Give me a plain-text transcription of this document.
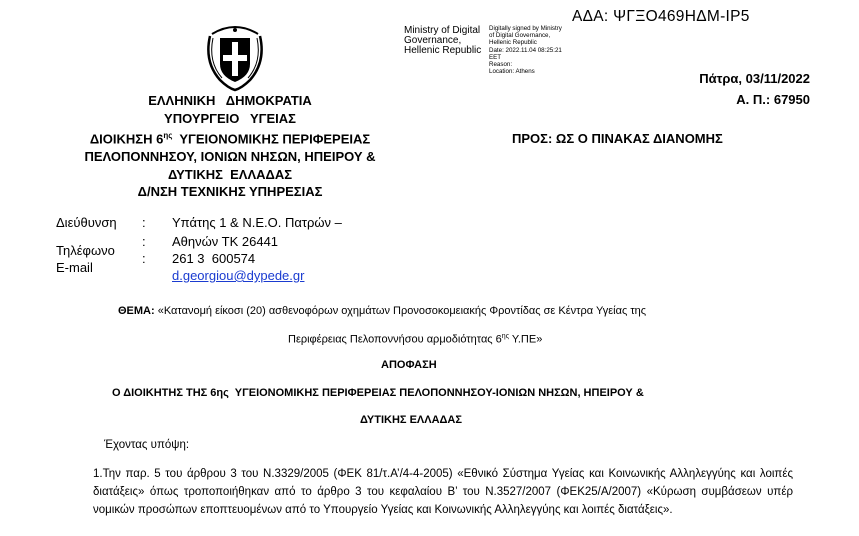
Ministry of Digital
Governance,
Hellenic Republic
Digitally signed by Ministry
of Digital Governance,
Hellenic Republic
Date: 2022.11.04 08:25:21
EET
Reason:
Location: Athens
ΑΔΑ: ΨΓΞΟ469ΗΔΜ-ΙΡ5
Πάτρα, 03/11/2022
Α. Π.: 67950
ΕΛΛΗΝΙΚΗ   ΔΗΜΟΚΡΑΤΙΑ
ΥΠΟΥΡΓΕΙΟ   ΥΓΕΙΑΣ
ΔΙΟΙΚΗΣΗ $6^{\eta\varsigma}$  ΥΓΕΙΟΝΟΜΙΚΗΣ ΠΕΡΙΦΕΡΕΙΑΣ
ΠΕΛΟΠΟΝΝΗΣΟΥ, ΙΟΝΙΩΝ ΝΗΣΩΝ, ΗΠΕΙΡΟΥ &
ΔΥΤΙΚΗΣ  ΕΛΛΑΔΑΣ
Δ/ΝΣΗ ΤΕΧΝΙΚΗΣ ΥΠΗΡΕΣΙΑΣ
ΠΡΟΣ: ΩΣ Ο ΠΙΝΑΚΑΣ ΔΙΑΝΟΜΗΣ
Διεύθυνση
Τηλέφωνο
E-mail
:
:
:
Υπάτης 1 & Ν.Ε.Ο. Πατρών –
Αθηνών ΤΚ 26441
261 3  600574
d.georgiou@dypede.gr
ΘΕΜΑ: «Κατανομή είκοσι (20) ασθενοφόρων οχημάτων Προνοσοκομειακής Φροντίδας σε Κέντρα Υγείας της
Περιφέρειας Πελοποννήσου αρμοδιότητας $6^{\eta\varsigma}$ Υ.ΠΕ»
ΑΠΟΦΑΣΗ
Ο ΔΙΟΙΚΗΤΗΣ ΤΗΣ 6ης  ΥΓΕΙΟΝΟΜΙΚΗΣ ΠΕΡΙΦΕΡΕΙΑΣ ΠΕΛΟΠΟΝΝΗΣΟΥ-ΙΟΝΙΩΝ ΝΗΣΩΝ, ΗΠΕΙΡΟΥ &
ΔΥΤΙΚΗΣ ΕΛΛΑΔΑΣ
Έχοντας υπόψη:
1.Την παρ. 5 του άρθρου 3 του Ν.3329/2005 (ΦΕΚ 81/τ.Α’/4-4-2005) «Εθνικό Σύστημα Υγείας και Κοινωνικής Αλληλεγγύης και λοιπές διατάξεις» όπως τροποποιήθηκαν από το άρθρο 3 του κεφαλαίου Β’ του Ν.3527/2007 (ΦΕΚ25/Α/2007) «Κύρωση συμβάσεων υπέρ νομικών προσώπων εποπτευομένων από το Υπουργείο Υγείας και Κοινωνικής Αλληλεγγύης και λοιπές διατάξεις».
